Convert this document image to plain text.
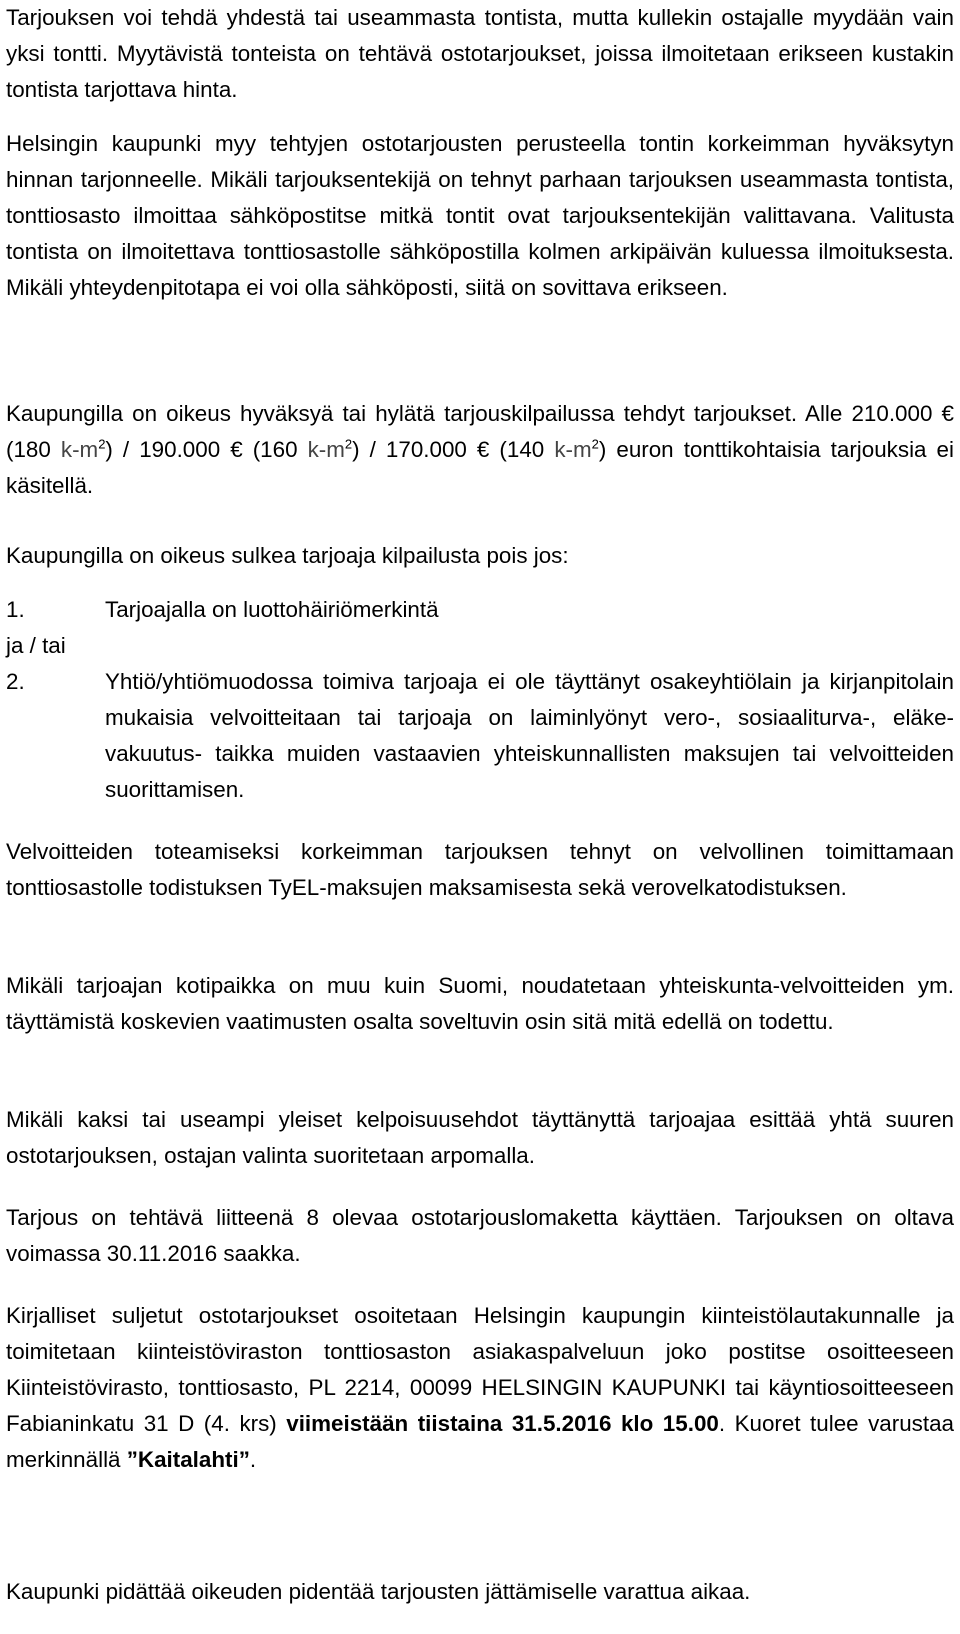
Tarjouksen voi tehdä yhdestä tai useammasta tontista, mutta kullekin ostajalle myydään vain yksi tontti. Myytävistä tonteista on tehtävä ostotarjoukset, joissa ilmoitetaan erikseen kustakin tontista tarjottava hinta.

Helsingin kaupunki myy tehtyjen ostotarjousten perusteella tontin korkeimman hyväksytyn hinnan tarjonneelle. Mikäli tarjouksentekijä on tehnyt parhaan tarjouksen useammasta tontista, tonttiosasto ilmoittaa sähköpostitse mitkä tontit ovat tarjouksentekijän valittavana. Valitusta tontista on ilmoitettava tonttiosastolle sähköpostilla kolmen arkipäivän kuluessa ilmoituksesta. Mikäli yhteydenpitotapa ei voi olla sähköposti, siitä on sovittava erikseen.

Kaupungilla on oikeus hyväksyä tai hylätä tarjouskilpailussa tehdyt tarjoukset. Alle 210.000 € (180 $k-m^2) / 190.000$ € (160 $k-m^2) / 170.000$ € (140 $k-m^2$) euron tonttikohtaisia tarjouksia ei käsitellä.

Kaupungilla on oikeus sulkea tarjoaja kilpailusta pois jos:

1.	Tarjoajalla on luottohäiriömerkintä
ja / tai
2.	Yhtiö/yhtiömuodossa toimiva tarjoaja ei ole täyttänyt osakeyhtiölain ja kirjanpitolain mukaisia velvoitteitaan tai tarjoaja on laiminlyönyt vero-, sosiaaliturva-, eläke- vakuutus- taikka muiden vastaavien yhteiskunnallisten maksujen tai velvoitteiden suorittamisen.

Velvoitteiden toteamiseksi korkeimman tarjouksen tehnyt on velvollinen toimittamaan tonttiosastolle todistuksen TyEL-maksujen maksamisesta sekä verovelkatodistuksen.

Mikäli tarjoajan kotipaikka on muu kuin Suomi, noudatetaan yhteiskunta-velvoitteiden ym. täyttämistä koskevien vaatimusten osalta soveltuvin osin sitä mitä edellä on todettu.

Mikäli kaksi tai useampi yleiset kelpoisuusehdot täyttänyttä tarjoajaa esittää yhtä suuren ostotarjouksen, ostajan valinta suoritetaan arpomalla.

Tarjous on tehtävä liitteenä 8 olevaa ostotarjouslomaketta käyttäen. Tarjouksen on oltava voimassa 30.11.2016 saakka.

Kirjalliset suljetut ostotarjoukset osoitetaan Helsingin kaupungin kiinteistölautakunnalle ja toimitetaan kiinteistöviraston tonttiosaston asiakaspalveluun joko postitse osoitteeseen Kiinteistövirasto, tonttiosasto, PL 2214, 00099 HELSINGIN KAUPUNKI tai käyntiosoitteeseen Fabianinkatu 31 D (4. krs) viimeistään tiistaina 31.5.2016 klo 15.00. Kuoret tulee varustaa merkinnällä ”Kaitalahti”.

Kaupunki pidättää oikeuden pidentää tarjousten jättämiselle varattua aikaa.
